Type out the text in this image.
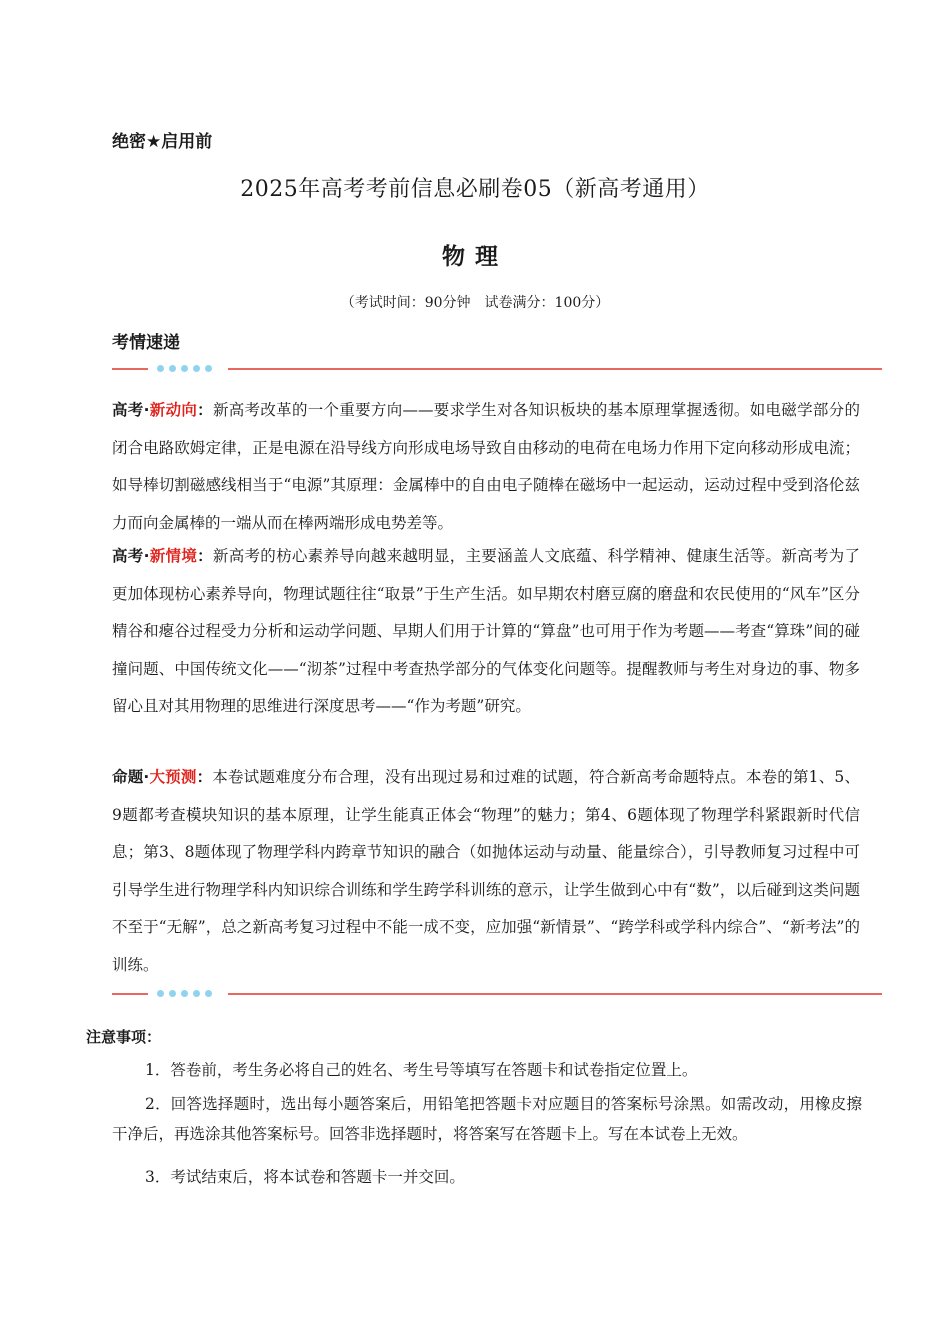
绝密★启用前
2025年高考考前信息必刷卷05（新高考通用）
物理
（考试时间：90分钟　试卷满分：100分）
考情速递
高考·新动向：新高考改革的一个重要方向——要求学生对各知识板块的基本原理掌握透彻。如电磁学部分的闭合电路欧姆定律，正是电源在沿导线方向形成电场导致自由移动的电荷在电场力作用下定向移动形成电流；如导棒切割磁感线相当于“电源”其原理：金属棒中的自由电子随棒在磁场中一起运动，运动过程中受到洛伦兹力而向金属棒的一端从而在棒两端形成电势差等。
高考·新情境：新高考的枋心素养导向越来越明显，主要涵盖人文底蕴、科学精神、健康生活等。新高考为了更加体现枋心素养导向，物理试题往往“取景”于生产生活。如早期农村磨豆腐的磨盘和农民使用的“风车”区分精谷和瘪谷过程受力分析和运动学问题、早期人们用于计算的“算盘”也可用于作为考题——考查“算珠”间的碰撞问题、中国传统文化——“沏茶”过程中考查热学部分的气体变化问题等。提醒教师与考生对身边的事、物多留心且对其用物理的思维进行深度思考——“作为考题”研究。
命题·大预测：本卷试题难度分布合理，没有出现过易和过难的试题，符合新高考命题特点。本卷的第1、5、9题都考查模块知识的基本原理，让学生能真正体会“物理”的魅力；第4、6题体现了物理学科紧跟新时代信息；第3、8题体现了物理学科内跨章节知识的融合（如抛体运动与动量、能量综合），引导教师复习过程中可引导学生进行物理学科内知识综合训练和学生跨学科训练的意示，让学生做到心中有“数”，以后碰到这类问题不至于“无解”，总之新高考复习过程中不能一成不变，应加强“新情景”、“跨学科或学科内综合”、“新考法”的训练。
注意事项：
1．答卷前，考生务必将自己的姓名、考生号等填写在答题卡和试卷指定位置上。
2．回答选择题时，选出每小题答案后，用铅笔把答题卡对应题目的答案标号涂黑。如需改动，用橡皮擦干净后，再选涂其他答案标号。回答非选择题时，将答案写在答题卡上。写在本试卷上无效。
3．考试结束后，将本试卷和答题卡一并交回。
